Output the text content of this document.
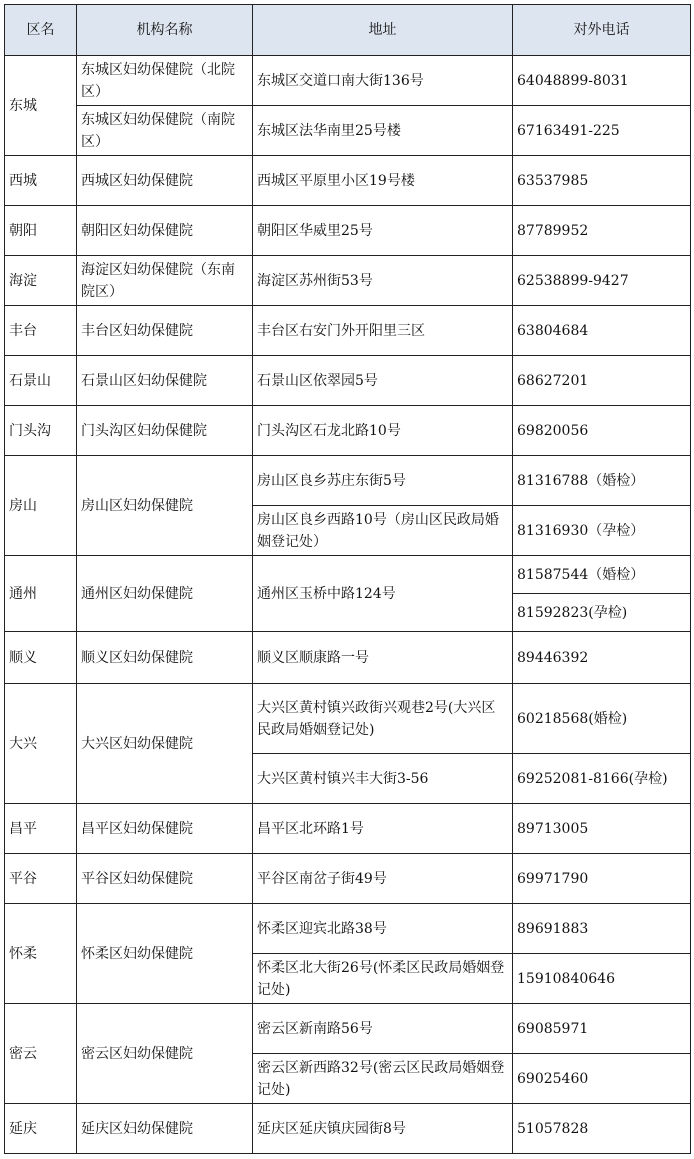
区名	机构名称	地址	对外电话
东城	东城区妇幼保健院（北院区）	东城区交道口南大街136号	64048899-8031
	东城区妇幼保健院（南院区）	东城区法华南里25号楼	67163491-225
西城	西城区妇幼保健院	西城区平原里小区19号楼	63537985
朝阳	朝阳区妇幼保健院	朝阳区华威里25号	87789952
海淀	海淀区妇幼保健院（东南院区）	海淀区苏州街53号	62538899-9427
丰台	丰台区妇幼保健院	丰台区右安门外开阳里三区	63804684
石景山	石景山区妇幼保健院	石景山区依翠园5号	68627201
门头沟	门头沟区妇幼保健院	门头沟区石龙北路10号	69820056
房山	房山区妇幼保健院	房山区良乡苏庄东街5号	81316788（婚检）
		房山区良乡西路10号（房山区民政局婚姻登记处）	81316930（孕检）
通州	通州区妇幼保健院	通州区玉桥中路124号	81587544（婚检）
			81592823(孕检)
顺义	顺义区妇幼保健院	顺义区顺康路一号	89446392
大兴	大兴区妇幼保健院	大兴区黄村镇兴政街兴观巷2号(大兴区民政局婚姻登记处)	60218568(婚检)
		大兴区黄村镇兴丰大街3-56	69252081-8166(孕检)
昌平	昌平区妇幼保健院	昌平区北环路1号	89713005
平谷	平谷区妇幼保健院	平谷区南岔子街49号	69971790
怀柔	怀柔区妇幼保健院	怀柔区迎宾北路38号	89691883
		怀柔区北大街26号(怀柔区民政局婚姻登记处)	15910840646
密云	密云区妇幼保健院	密云区新南路56号	69085971
		密云区新西路32号(密云区民政局婚姻登记处)	69025460
延庆	延庆区妇幼保健院	延庆区延庆镇庆园街8号	51057828
